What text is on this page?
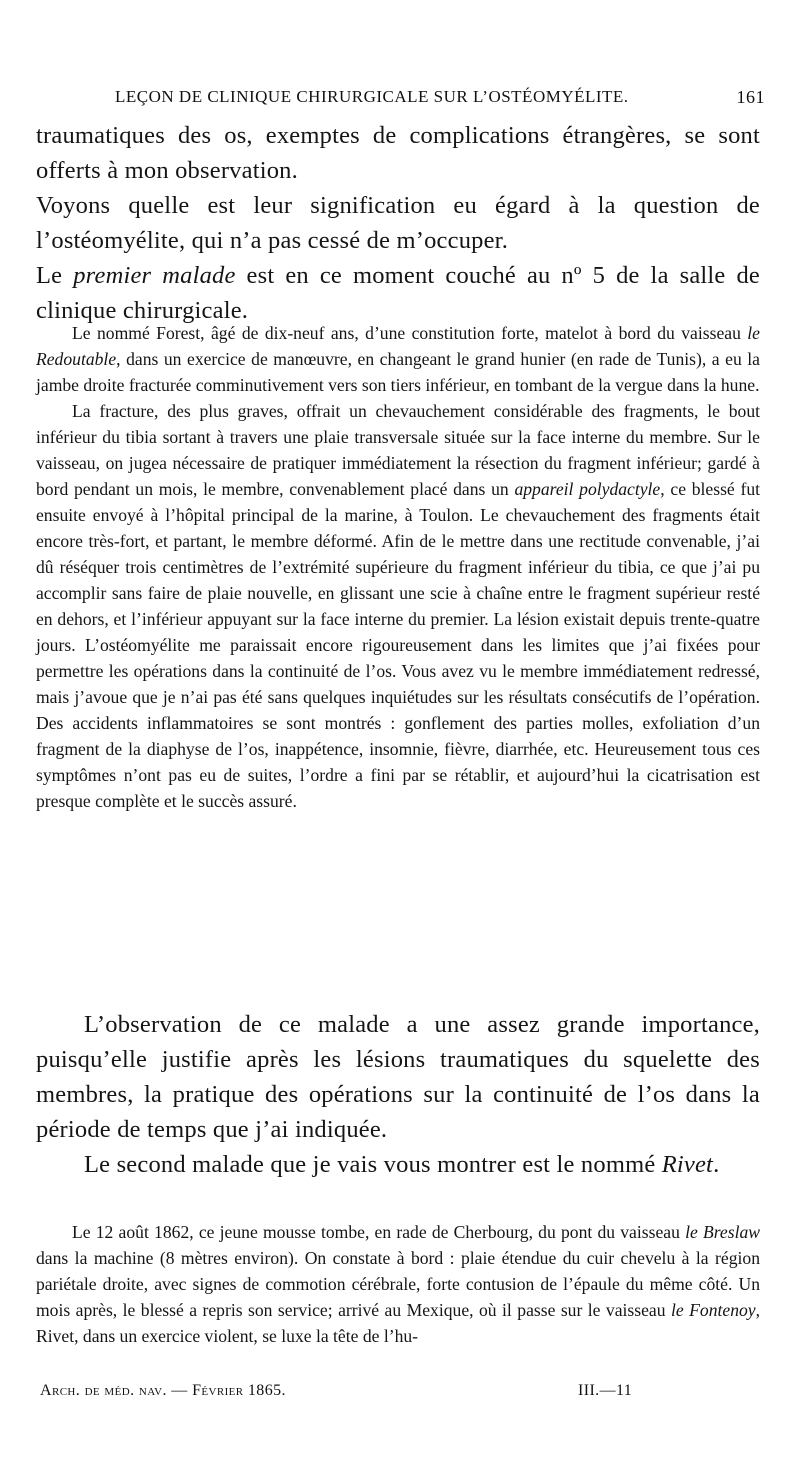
LEÇON DE CLINIQUE CHIRURGICALE SUR L’OSTÉOMYÉLITE.	161

traumatiques des os, exemptes de complications étrangères, se sont offerts à mon observation.

Voyons quelle est leur signification eu égard à la question de l’ostéomyélite, qui n’a pas cessé de m’occuper.

Le premier malade est en ce moment couché au nº 5 de la salle de clinique chirurgicale.

Le nommé Forest, âgé de dix-neuf ans, d’une constitution forte, matelot à bord du vaisseau le Redoutable, dans un exercice de manœuvre, en changeant le grand hunier (en rade de Tunis), a eu la jambe droite fracturée comminutivement vers son tiers inférieur, en tombant de la vergue dans la hune.

La fracture, des plus graves, offrait un chevauchement considérable des fragments, le bout inférieur du tibia sortant à travers une plaie transversale située sur la face interne du membre. Sur le vaisseau, on jugea nécessaire de pratiquer immédiatement la résection du fragment inférieur; gardé à bord pendant un mois, le membre, convenablement placé dans un appareil polydactyle, ce blessé fut ensuite envoyé à l’hôpital principal de la marine, à Toulon. Le chevauchement des fragments était encore très-fort, et partant, le membre déformé. Afin de le mettre dans une rectitude convenable, j’ai dû réséquer trois centimètres de l’extrémité supérieure du fragment inférieur du tibia, ce que j’ai pu accomplir sans faire de plaie nouvelle, en glissant une scie à chaîne entre le fragment supérieur resté en dehors, et l’inférieur appuyant sur la face interne du premier. La lésion existait depuis trente-quatre jours. L’ostéomyélite me paraissait encore rigoureusement dans les limites que j’ai fixées pour permettre les opérations dans la continuité de l’os. Vous avez vu le membre immédiatement redressé, mais j’avoue que je n’ai pas été sans quelques inquiétudes sur les résultats consécutifs de l’opération. Des accidents inflammatoires se sont montrés : gonflement des parties molles, exfoliation d’un fragment de la diaphyse de l’os, inappétence, insomnie, fièvre, diarrhée, etc. Heureusement tous ces symptômes n’ont pas eu de suites, l’ordre a fini par se rétablir, et aujourd’hui la cicatrisation est presque complète et le succès assuré.

L’observation de ce malade a une assez grande importance, puisqu’elle justifie après les lésions traumatiques du squelette des membres, la pratique des opérations sur la continuité de l’os dans la période de temps que j’ai indiquée.

Le second malade que je vais vous montrer est le nommé Rivet.

Le 12 août 1862, ce jeune mousse tombe, en rade de Cherbourg, du pont du vaisseau le Breslaw dans la machine (8 mètres environ). On constate à bord : plaie étendue du cuir chevelu à la région pariétale droite, avec signes de commotion cérébrale, forte contusion de l’épaule du même côté. Un mois après, le blessé a repris son service; arrivé au Mexique, où il passe sur le vaisseau le Fontenoy, Rivet, dans un exercice violent, se luxe la tête de l’hu-

Arch. de méd. nav. — Février 1865.	III.—11
